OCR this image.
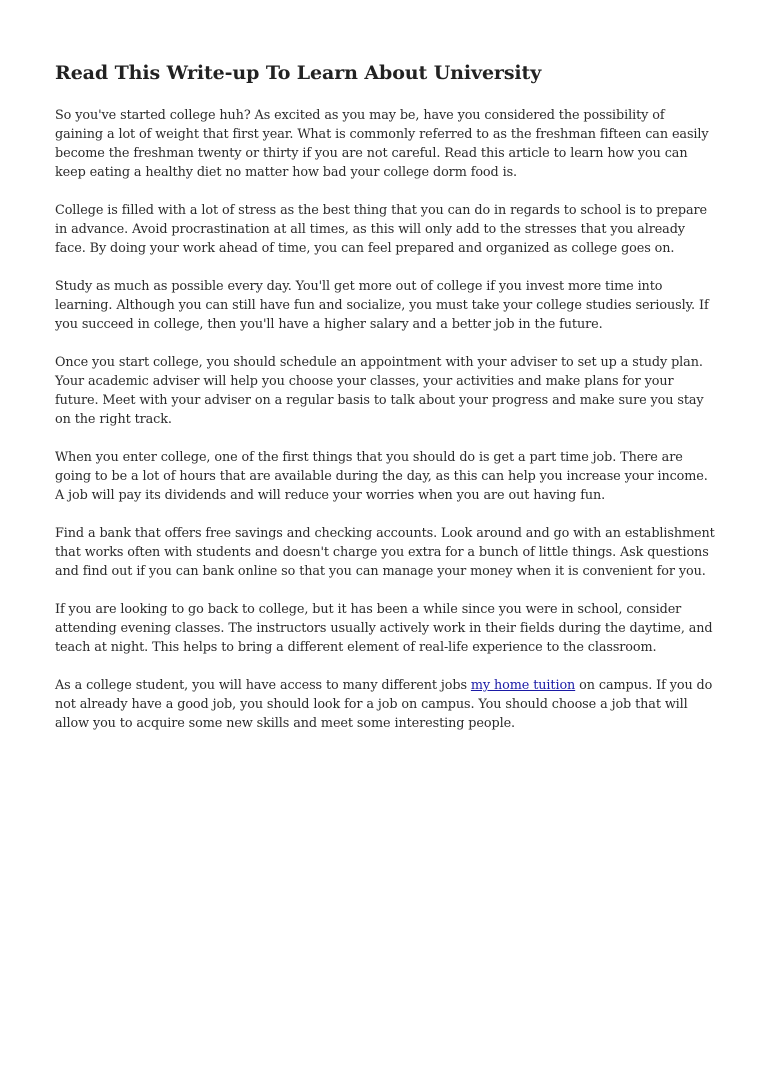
Read This Write-up To Learn About University

So you've started college huh? As excited as you may be, have you considered the possibility of gaining a lot of weight that first year. What is commonly referred to as the freshman fifteen can easily become the freshman twenty or thirty if you are not careful. Read this article to learn how you can keep eating a healthy diet no matter how bad your college dorm food is.

College is filled with a lot of stress as the best thing that you can do in regards to school is to prepare in advance. Avoid procrastination at all times, as this will only add to the stresses that you already face. By doing your work ahead of time, you can feel prepared and organized as college goes on.

Study as much as possible every day. You'll get more out of college if you invest more time into learning. Although you can still have fun and socialize, you must take your college studies seriously. If you succeed in college, then you'll have a higher salary and a better job in the future.

Once you start college, you should schedule an appointment with your adviser to set up a study plan. Your academic adviser will help you choose your classes, your activities and make plans for your future. Meet with your adviser on a regular basis to talk about your progress and make sure you stay on the right track.

When you enter college, one of the first things that you should do is get a part time job. There are going to be a lot of hours that are available during the day, as this can help you increase your income. A job will pay its dividends and will reduce your worries when you are out having fun.

Find a bank that offers free savings and checking accounts. Look around and go with an establishment that works often with students and doesn't charge you extra for a bunch of little things. Ask questions and find out if you can bank online so that you can manage your money when it is convenient for you.

If you are looking to go back to college, but it has been a while since you were in school, consider attending evening classes. The instructors usually actively work in their fields during the daytime, and teach at night. This helps to bring a different element of real-life experience to the classroom.

As a college student, you will have access to many different jobs my home tuition on campus. If you do not already have a good job, you should look for a job on campus. You should choose a job that will allow you to acquire some new skills and meet some interesting people.
